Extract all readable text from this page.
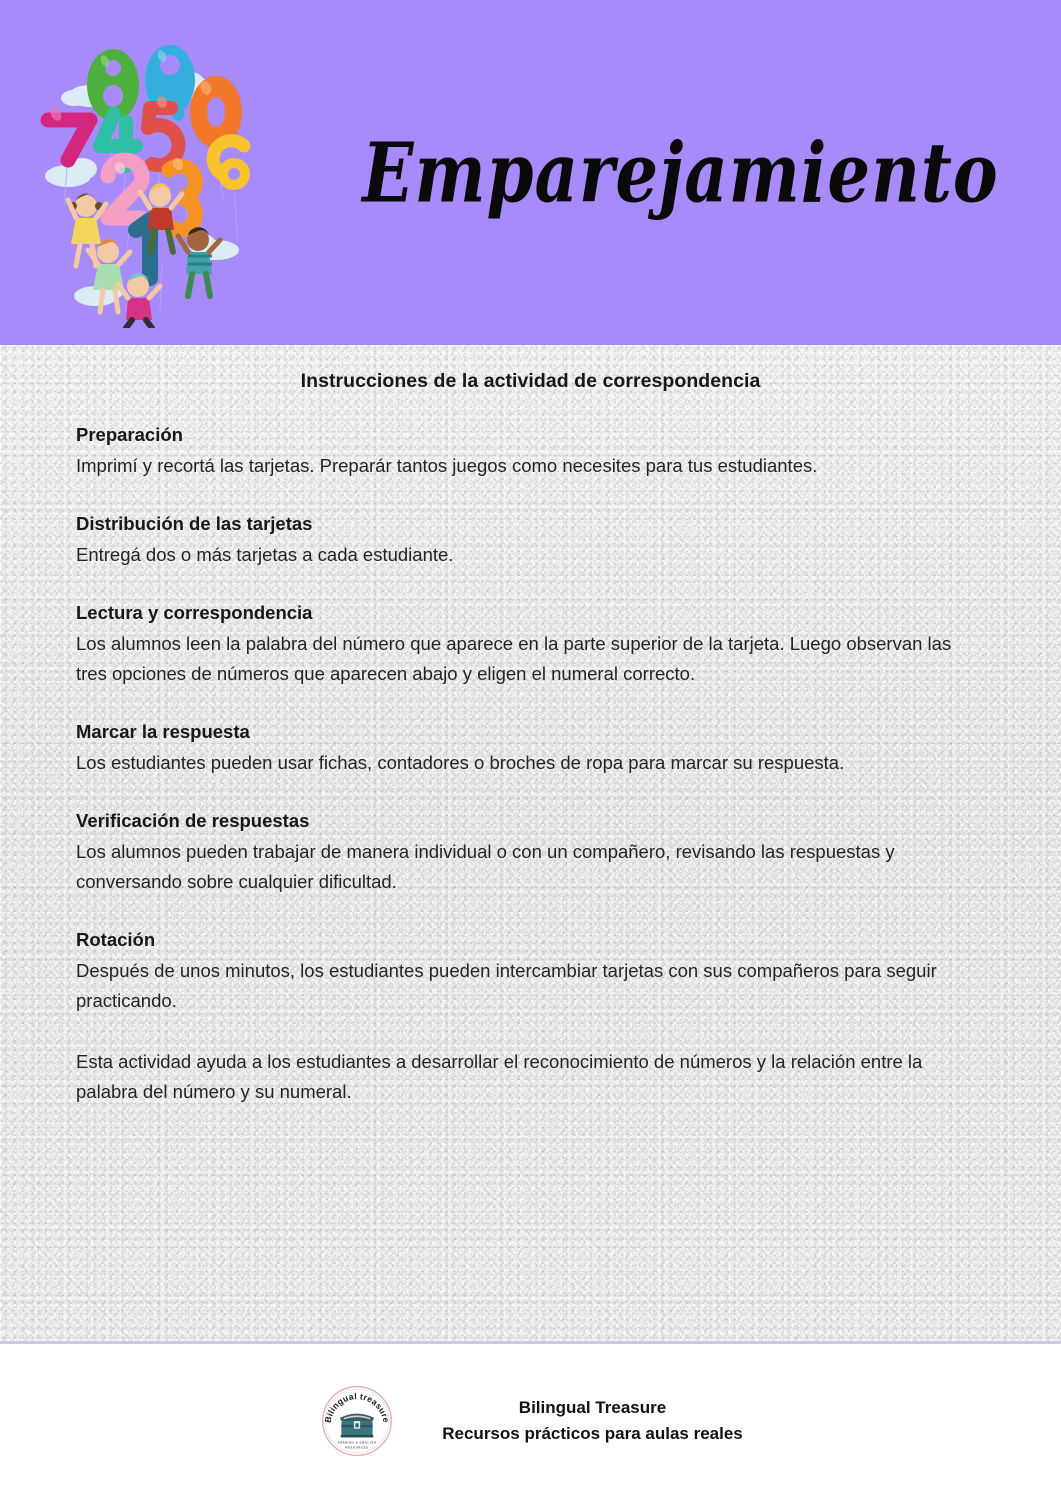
Emparejamiento
Instrucciones de la actividad de correspondencia
Preparación

Imprimí y recortá las tarjetas. Preparár tantos juegos como necesites para tus estudiantes.

Distribución de las tarjetas

Entregá dos o más tarjetas a cada estudiante.

Lectura y correspondencia

Los alumnos leen la palabra del número que aparece en la parte superior de la tarjeta. Luego observan las tres opciones de números que aparecen abajo y eligen el numeral correcto.

Marcar la respuesta

Los estudiantes pueden usar fichas, contadores o broches de ropa para marcar su respuesta.

Verificación de respuestas

Los alumnos pueden trabajar de manera individual o con un compañero, revisando las respuestas y conversando sobre cualquier dificultad.

Rotación

Después de unos minutos, los estudiantes pueden intercambiar tarjetas con sus compañeros para seguir practicando.

Esta actividad ayuda a los estudiantes a desarrollar el reconocimiento de números y la relación entre la palabra del número y su numeral.

Bilingual treasure
SPANISH & ENGLISH
RESOURCES
Bilingual Treasure
Recursos prácticos para aulas reales
